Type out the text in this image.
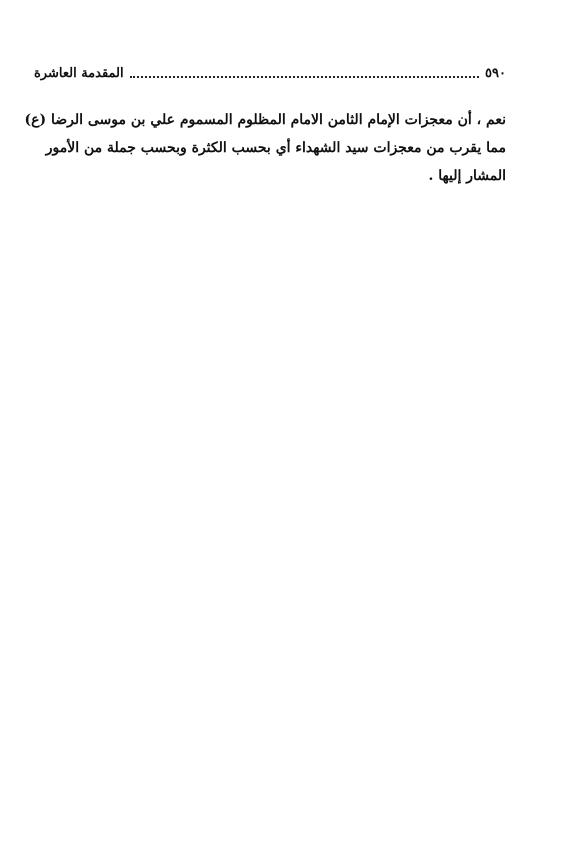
٥٩٠
المقدمة العاشرة
نعم ، أن معجزات الإمام الثامن الامام المظلوم المسموم علي بن موسى الرضا (ع)
مما يقرب من معجزات سيد الشهداء أي بحسب الكثرة وبحسب جملة من الأمور
المشار إليها .
